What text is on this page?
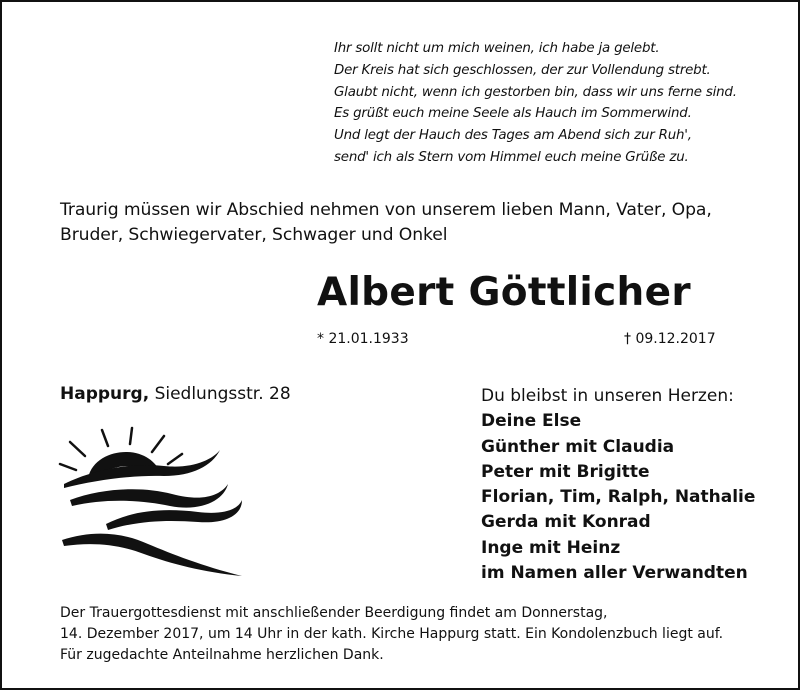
Ihr sollt nicht um mich weinen, ich habe ja gelebt.
Der Kreis hat sich geschlossen, der zur Vollendung strebt.
Glaubt nicht, wenn ich gestorben bin, dass wir uns ferne sind.
Es grüßt euch meine Seele als Hauch im Sommerwind.
Und legt der Hauch des Tages am Abend sich zur Ruh',
send' ich als Stern vom Himmel euch meine Grüße zu.
Traurig müssen wir Abschied nehmen von unserem lieben Mann, Vater, Opa,
Bruder, Schwiegervater, Schwager und Onkel
Albert Göttlicher
* 21.01.1933	† 09.12.2017
Happurg, Siedlungsstr. 28	Du bleibst in unseren Herzen:
Deine Else
Günther mit Claudia
Peter mit Brigitte
Florian, Tim, Ralph, Nathalie
Gerda mit Konrad
Inge mit Heinz
im Namen aller Verwandten
Der Trauergottesdienst mit anschließender Beerdigung findet am Donnerstag,
14. Dezember 2017, um 14 Uhr in der kath. Kirche Happurg statt. Ein Kondolenzbuch liegt auf.
Für zugedachte Anteilnahme herzlichen Dank.
